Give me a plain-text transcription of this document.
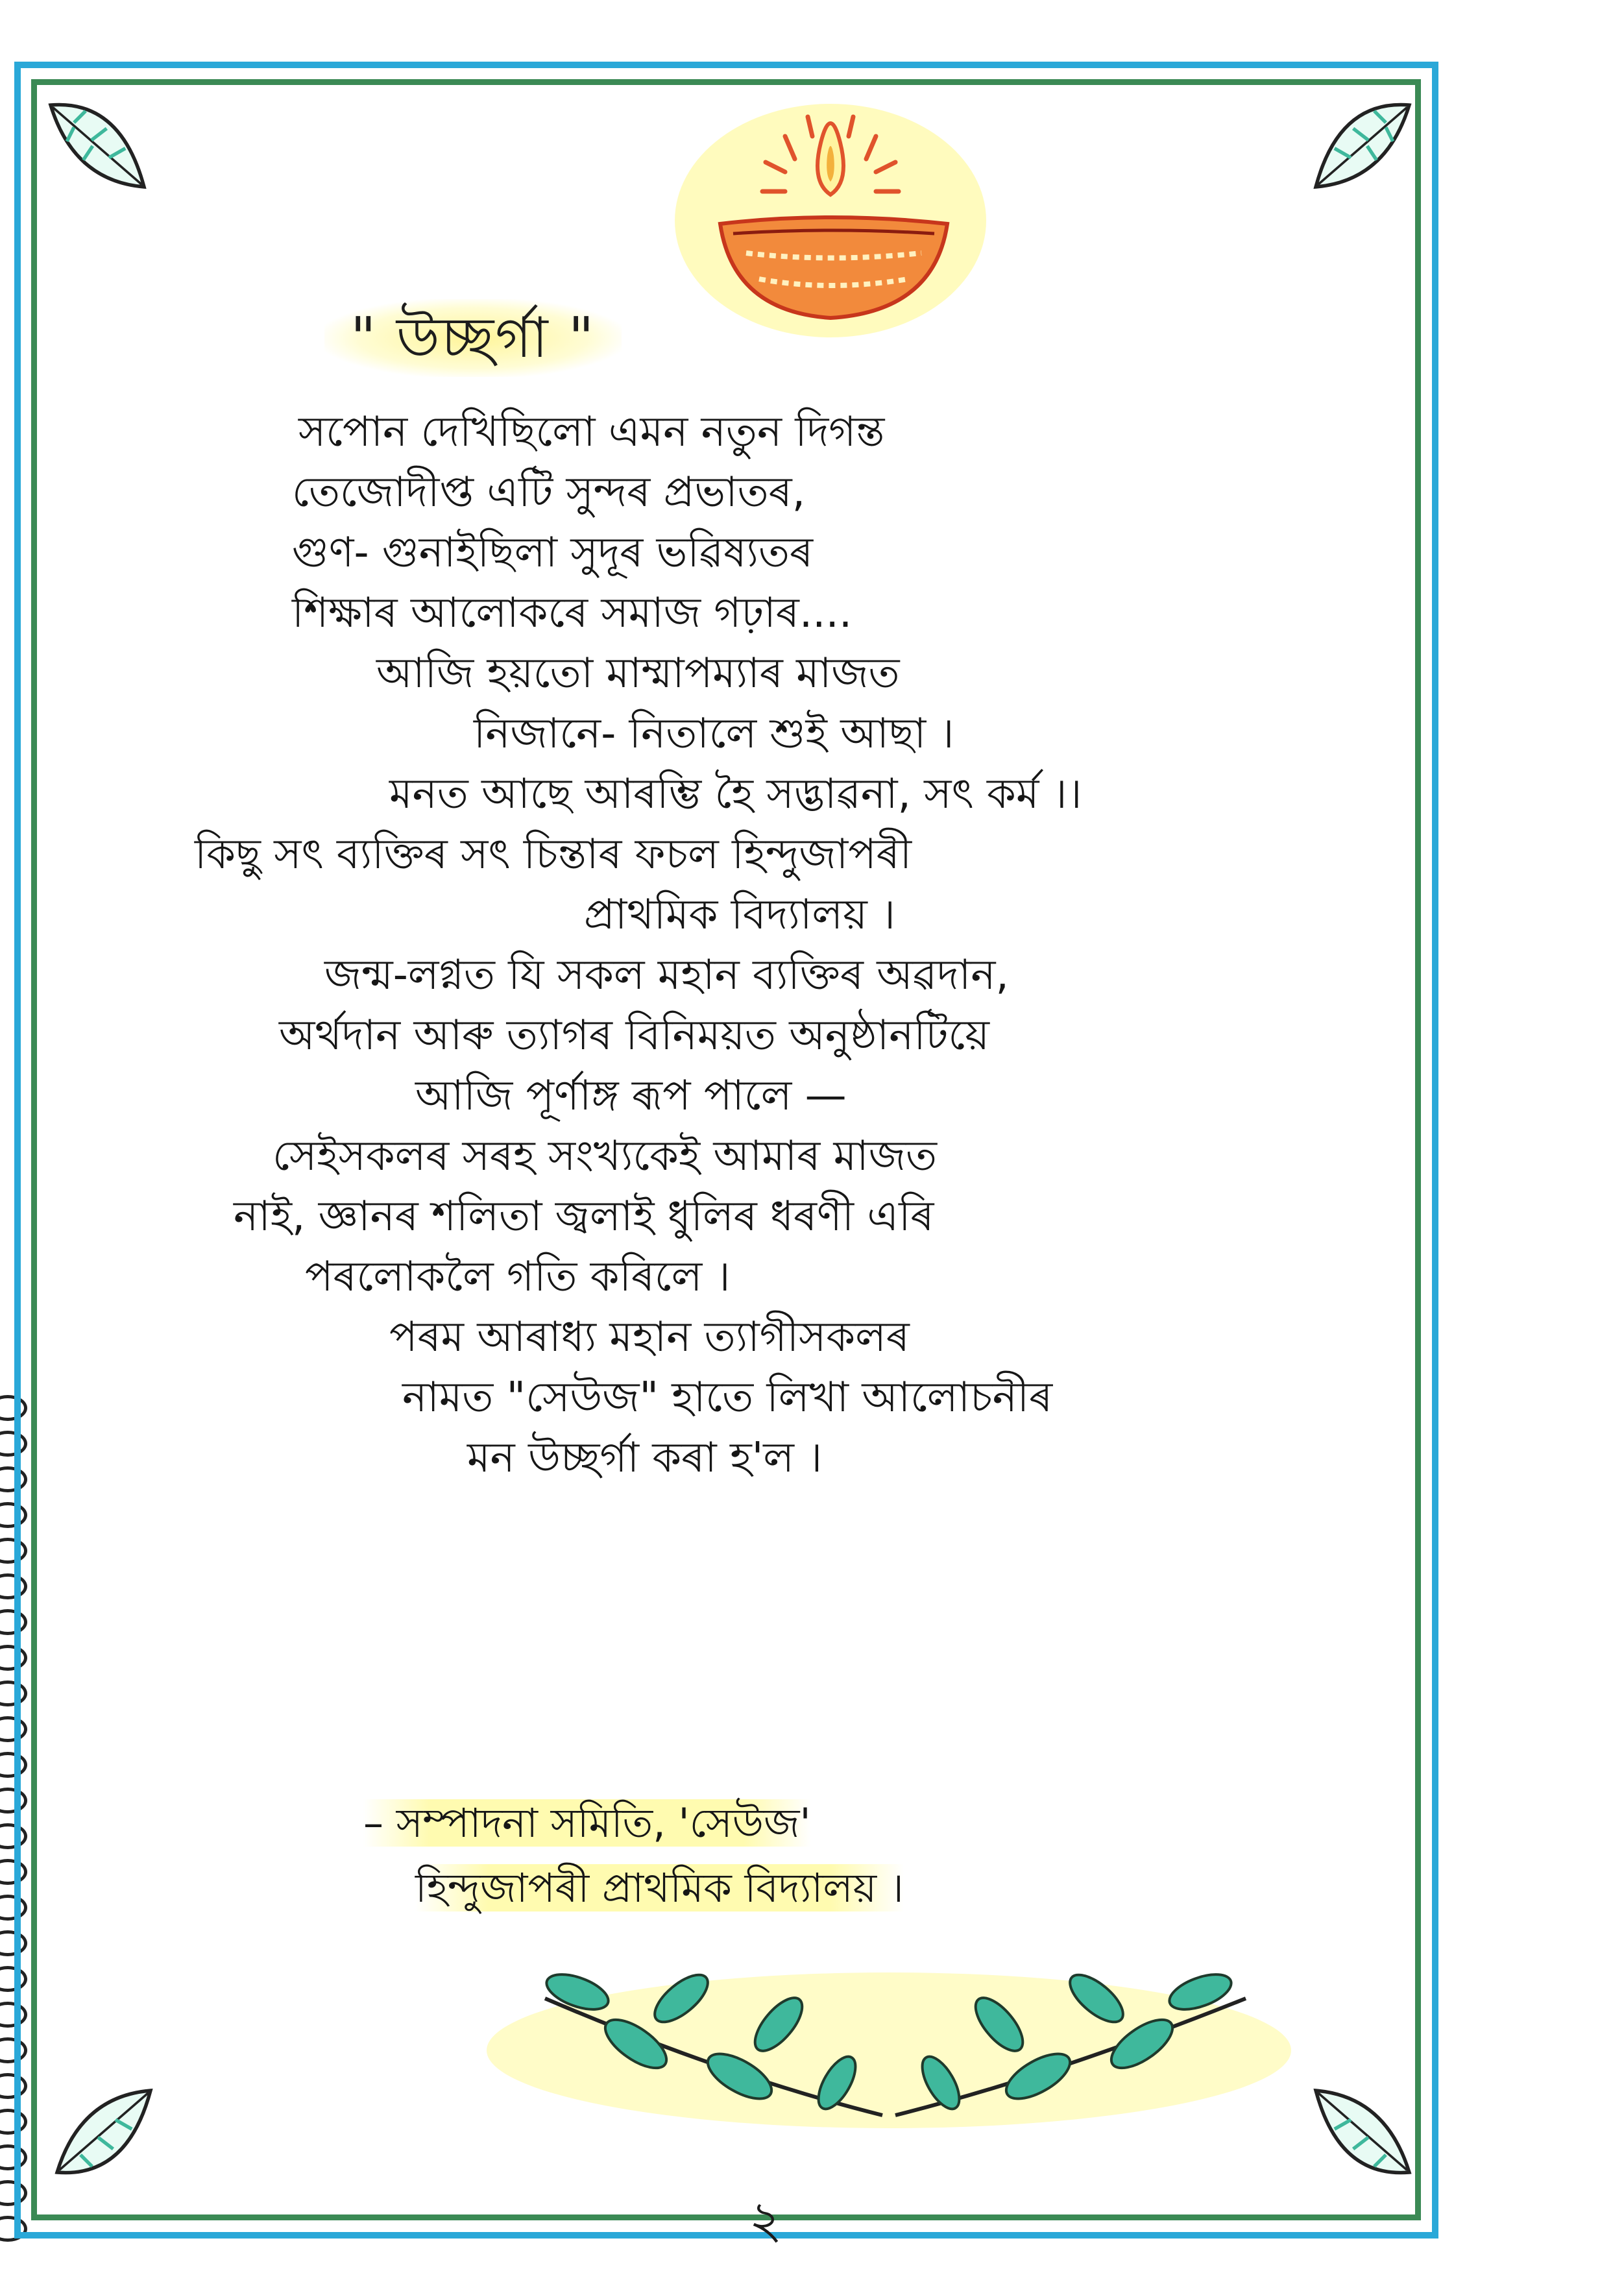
" উচ্ছৰ্গা "
সপোন দেখিছিলো এমন নতুন দিগন্ত
তেজোদীপ্ত এটি সুন্দৰ প্ৰভাতৰ,
গুণ- গুনাইছিলা সুদূৰ ভৱিষ্যতৰ
শিক্ষাৰ আলোকৰে সমাজ গঢ়াৰ....
আজি হয়তো মাম্মাপম্যাৰ মাজত
নিজানে- নিতালে শুই আছা ।
মনত আছে আৰম্ভি হৈ সদ্ভাৱনা, সৎ কৰ্ম ।।
কিছু সৎ ব্যক্তিৰ সৎ চিন্তাৰ ফচল হিন্দুজাপৰী
প্ৰাথমিক বিদ্যালয় ।
জন্ম-লগ্নত যি সকল মহান ব্যক্তিৰ অৱদান,
অৰ্থদান আৰু ত্যাগৰ বিনিময়ত অনুষ্ঠানটিয়ে
আজি পূৰ্ণাঙ্গ ৰূপ পালে —
সেইসকলৰ সৰহ সংখ্যকেই আমাৰ মাজত
নাই, জ্ঞানৰ শলিতা জ্বলাই ধুলিৰ ধৰণী এৰি
পৰলোকলৈ গতি কৰিলে ।
পৰম আৰাধ্য মহান ত্যাগীসকলৰ
নামত "সেউজ" হাতে লিখা আলোচনীৰ
মন উচ্ছৰ্গা কৰা হ'ল ।
– সম্পাদনা সমিতি, 'সেউজ'
হিন্দুজাপৰী প্ৰাথমিক বিদ্যালয় ।
২
